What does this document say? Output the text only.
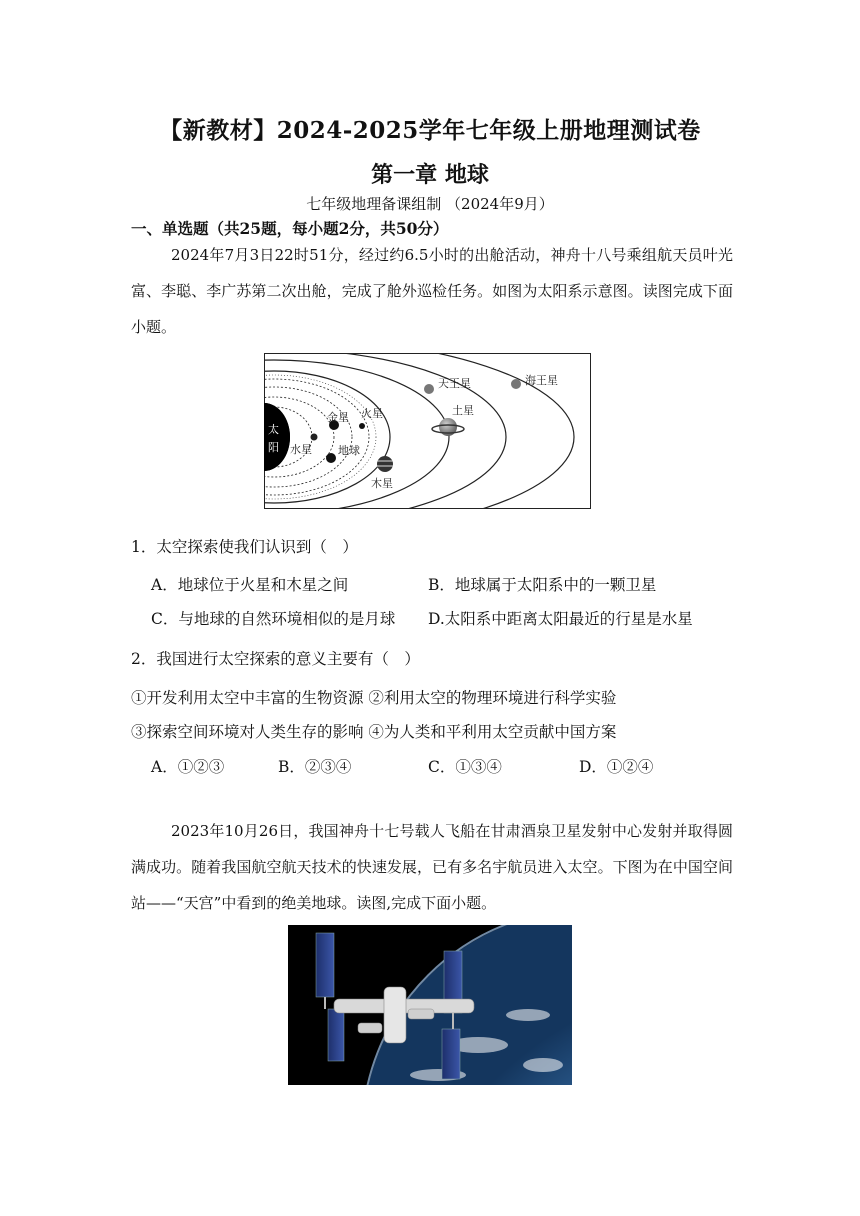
【新教材】2024-2025学年七年级上册地理测试卷
第一章 地球
七年级地理备课组制 （2024年9月）
一、单选题（共25题，每小题2分，共50分）

2024年7月3日22时51分，经过约6.5小时的出舱活动，神舟十八号乘组航天员叶光富、李聪、李广苏第二次出舱，完成了舱外巡检任务。如图为太阳系示意图。读图完成下面小题。

太
阳 水星
金星
地球
火星
木星
土星
天王星	海王星
1．太空探索使我们认识到（　）
A．地球位于火星和木星之间	B．地球属于太阳系中的一颗卫星
C．与地球的自然环境相似的是月球 D.太阳系中距离太阳最近的行星是水星
2．我国进行太空探索的意义主要有（　）
①开发利用太空中丰富的生物资源 ②利用太空的物理环境进行科学实验
③探索空间环境对人类生存的影响 ④为人类和平利用太空贡献中国方案
A．①②③	B．②③④	C．①③④	D．①②④

2023年10月26日，我国神舟十七号载人飞船在甘肃酒泉卫星发射中心发射并取得圆满成功。随着我国航空航天技术的快速发展，已有多名宇航员进入太空。下图为在中国空间站——“天宫”中看到的绝美地球。读图,完成下面小题。
